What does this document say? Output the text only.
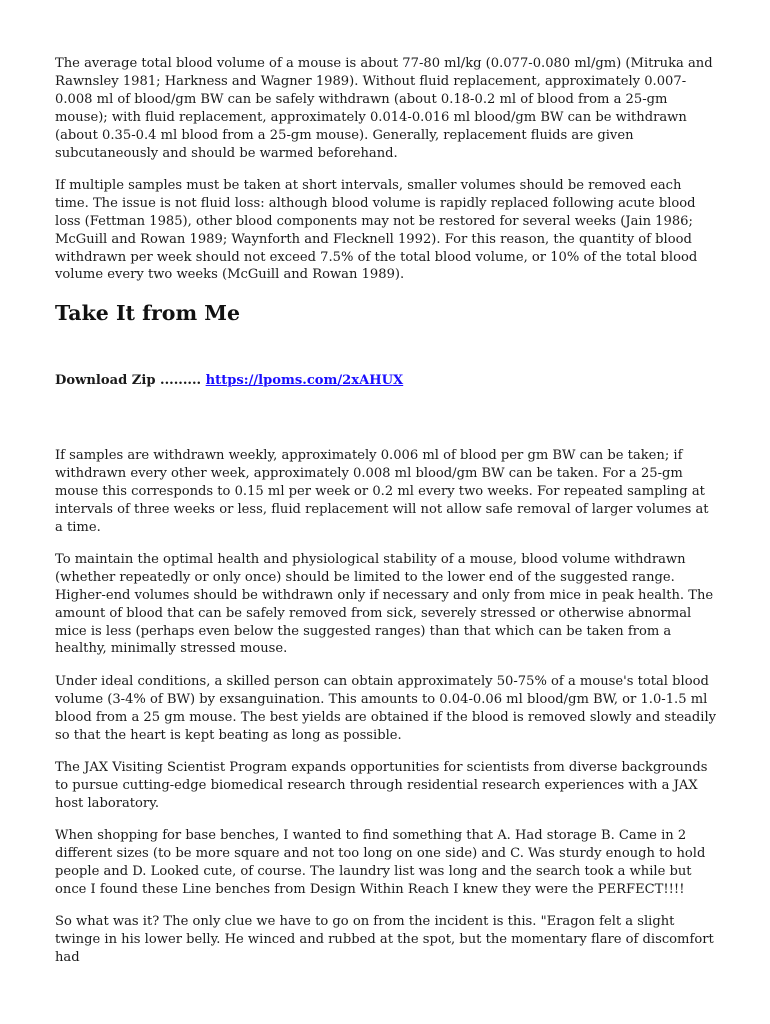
The average total blood volume of a mouse is about 77-80 ml/kg (0.077-0.080 ml/gm) (Mitruka and Rawnsley 1981; Harkness and Wagner 1989). Without fluid replacement, approximately 0.007-0.008 ml of blood/gm BW can be safely withdrawn (about 0.18-0.2 ml of blood from a 25-gm mouse); with fluid replacement, approximately 0.014-0.016 ml blood/gm BW can be withdrawn (about 0.35-0.4 ml blood from a 25-gm mouse). Generally, replacement fluids are given subcutaneously and should be warmed beforehand.

If multiple samples must be taken at short intervals, smaller volumes should be removed each time. The issue is not fluid loss: although blood volume is rapidly replaced following acute blood loss (Fettman 1985), other blood components may not be restored for several weeks (Jain 1986; McGuill and Rowan 1989; Waynforth and Flecknell 1992). For this reason, the quantity of blood withdrawn per week should not exceed 7.5% of the total blood volume, or 10% of the total blood volume every two weeks (McGuill and Rowan 1989).

Take It from Me
Download Zip ......... https://lpoms.com/2xAHUX

If samples are withdrawn weekly, approximately 0.006 ml of blood per gm BW can be taken; if withdrawn every other week, approximately 0.008 ml blood/gm BW can be taken. For a 25-gm mouse this corresponds to 0.15 ml per week or 0.2 ml every two weeks. For repeated sampling at intervals of three weeks or less, fluid replacement will not allow safe removal of larger volumes at a time.

To maintain the optimal health and physiological stability of a mouse, blood volume withdrawn (whether repeatedly or only once) should be limited to the lower end of the suggested range. Higher-end volumes should be withdrawn only if necessary and only from mice in peak health. The amount of blood that can be safely removed from sick, severely stressed or otherwise abnormal mice is less (perhaps even below the suggested ranges) than that which can be taken from a healthy, minimally stressed mouse.

Under ideal conditions, a skilled person can obtain approximately 50-75% of a mouse's total blood volume (3-4% of BW) by exsanguination. This amounts to 0.04-0.06 ml blood/gm BW, or 1.0-1.5 ml blood from a 25 gm mouse. The best yields are obtained if the blood is removed slowly and steadily so that the heart is kept beating as long as possible.

The JAX Visiting Scientist Program expands opportunities for scientists from diverse backgrounds to pursue cutting-edge biomedical research through residential research experiences with a JAX host laboratory.

When shopping for base benches, I wanted to find something that A. Had storage B. Came in 2 different sizes (to be more square and not too long on one side) and C. Was sturdy enough to hold people and D. Looked cute, of course. The laundry list was long and the search took a while but once I found these Line benches from Design Within Reach I knew they were the PERFECT!!!!

So what was it? The only clue we have to go on from the incident is this. "Eragon felt a slight twinge in his lower belly. He winced and rubbed at the spot, but the momentary flare of discomfort had
